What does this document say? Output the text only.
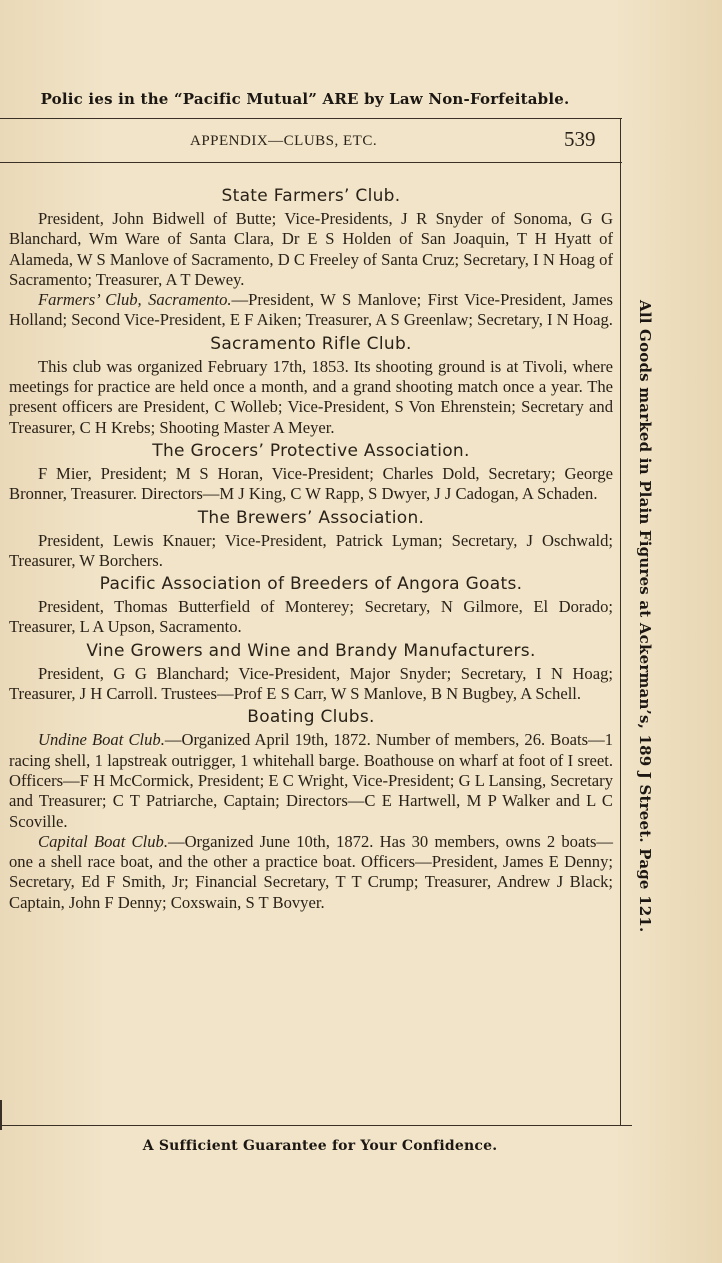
Polic ies in the “Pacific Mutual” ARE by Law Non-Forfeitable.
APPENDIX—CLUBS, ETC.	539
All Goods marked in Plain Figures at Ackerman’s, 189 J Street. Page 121.
State Farmers’ Club.

President, John Bidwell of Butte; Vice-Presidents, J R Snyder of Sonoma, G G Blanchard, Wm Ware of Santa Clara, Dr E S Holden of San Joaquin, T H Hyatt of Alameda, W S Manlove of Sacramento, D C Freeley of Santa Cruz; Secretary, I N Hoag of Sacramento; Treasurer, A T Dewey.

Farmers’ Club, Sacramento.—President, W S Manlove; First Vice-President, James Holland; Second Vice-President, E F Aiken; Treasurer, A S Greenlaw; Secretary, I N Hoag.

Sacramento Rifle Club.

This club was organized February 17th, 1853. Its shooting ground is at Tivoli, where meetings for practice are held once a month, and a grand shooting match once a year. The present officers are President, C Wolleb; Vice-President, S Von Ehrenstein; Secretary and Treasurer, C H Krebs; Shooting Master A Meyer.

The Grocers’ Protective Association.

F Mier, President; M S Horan, Vice-President; Charles Dold, Secretary; George Bronner, Treasurer. Directors—M J King, C W Rapp, S Dwyer, J J Cadogan, A Schaden.

The Brewers’ Association.

President, Lewis Knauer; Vice-President, Patrick Lyman; Secretary, J Oschwald; Treasurer, W Borchers.

Pacific Association of Breeders of Angora Goats.

President, Thomas Butterfield of Monterey; Secretary, N Gilmore, El Dorado; Treasurer, L A Upson, Sacramento.

Vine Growers and Wine and Brandy Manufacturers.

President, G G Blanchard; Vice-President, Major Snyder; Secretary, I N Hoag; Treasurer, J H Carroll. Trustees—Prof E S Carr, W S Manlove, B N Bugbey, A Schell.

Boating Clubs.

Undine Boat Club.—Organized April 19th, 1872. Number of members, 26. Boats—1 racing shell, 1 lapstreak outrigger, 1 whitehall barge. Boathouse on wharf at foot of I sreet. Officers—F H McCormick, President; E C Wright, Vice-President; G L Lansing, Secretary and Treasurer; C T Patriarche, Captain; Directors—C E Hartwell, M P Walker and L C Scoville.

Capital Boat Club.—Organized June 10th, 1872. Has 30 members, owns 2 boats—one a shell race boat, and the other a practice boat. Officers—President, James E Denny; Secretary, Ed F Smith, Jr; Financial Secretary, T T Crump; Treasurer, Andrew J Black; Captain, John F Denny; Coxswain, S T Bovyer.

A Sufficient Guarantee for Your Confidence.
